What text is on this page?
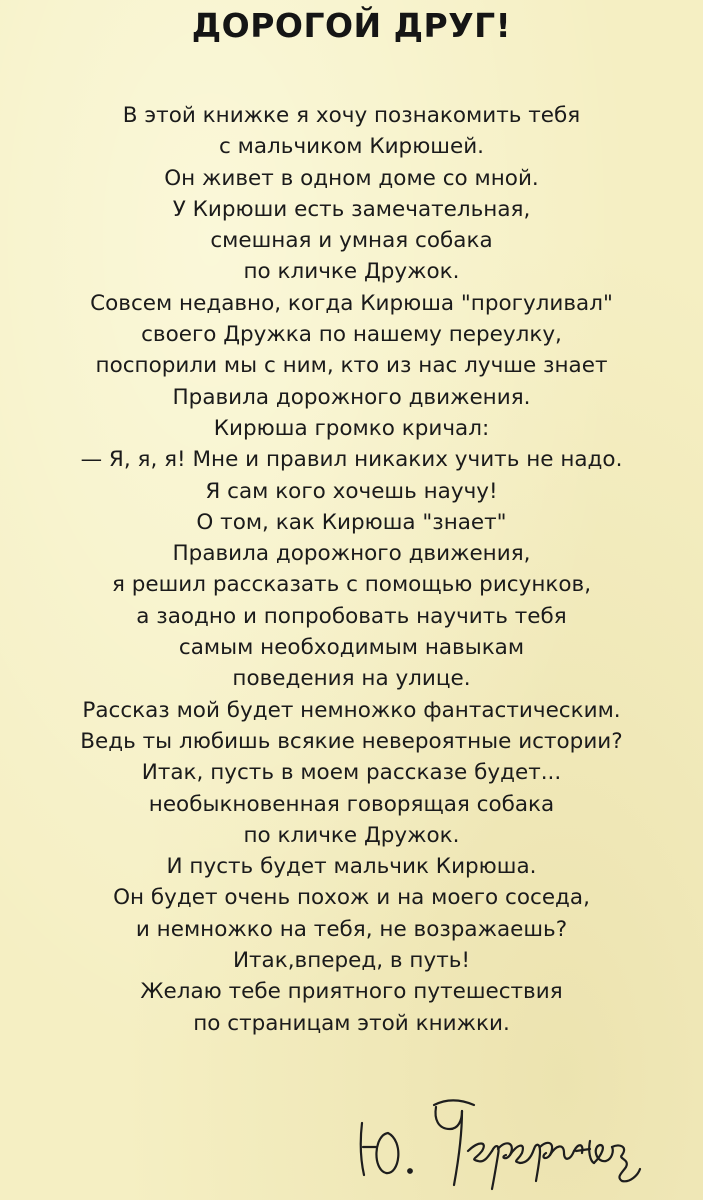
ДОРОГОЙ ДРУГ!
В этой книжке я хочу познакомить тебя
с мальчиком Кирюшей.
Он живет в одном доме со мной.
У Кирюши есть замечательная,
смешная и умная собака
по кличке Дружок.
Совсем недавно, когда Кирюша "прогуливал"
своего Дружка по нашему переулку,
поспорили мы с ним, кто из нас лучше знает
Правила дорожного движения.
Кирюша громко кричал:
— Я, я, я! Мне и правил никаких учить не надо.
Я сам кого хочешь научу!
О том, как Кирюша "знает"
Правила дорожного движения,
я решил рассказать с помощью рисунков,
а заодно и попробовать научить тебя
самым необходимым навыкам
поведения на улице.
Рассказ мой будет немножко фантастическим.
Ведь ты любишь всякие невероятные истории?
Итак, пусть в моем рассказе будет...
необыкновенная говорящая собака
по кличке Дружок.
И пусть будет мальчик Кирюша.
Он будет очень похож и на моего соседа,
и немножко на тебя, не возражаешь?
Итак,вперед, в путь!
Желаю тебе приятного путешествия
по страницам этой книжки.
